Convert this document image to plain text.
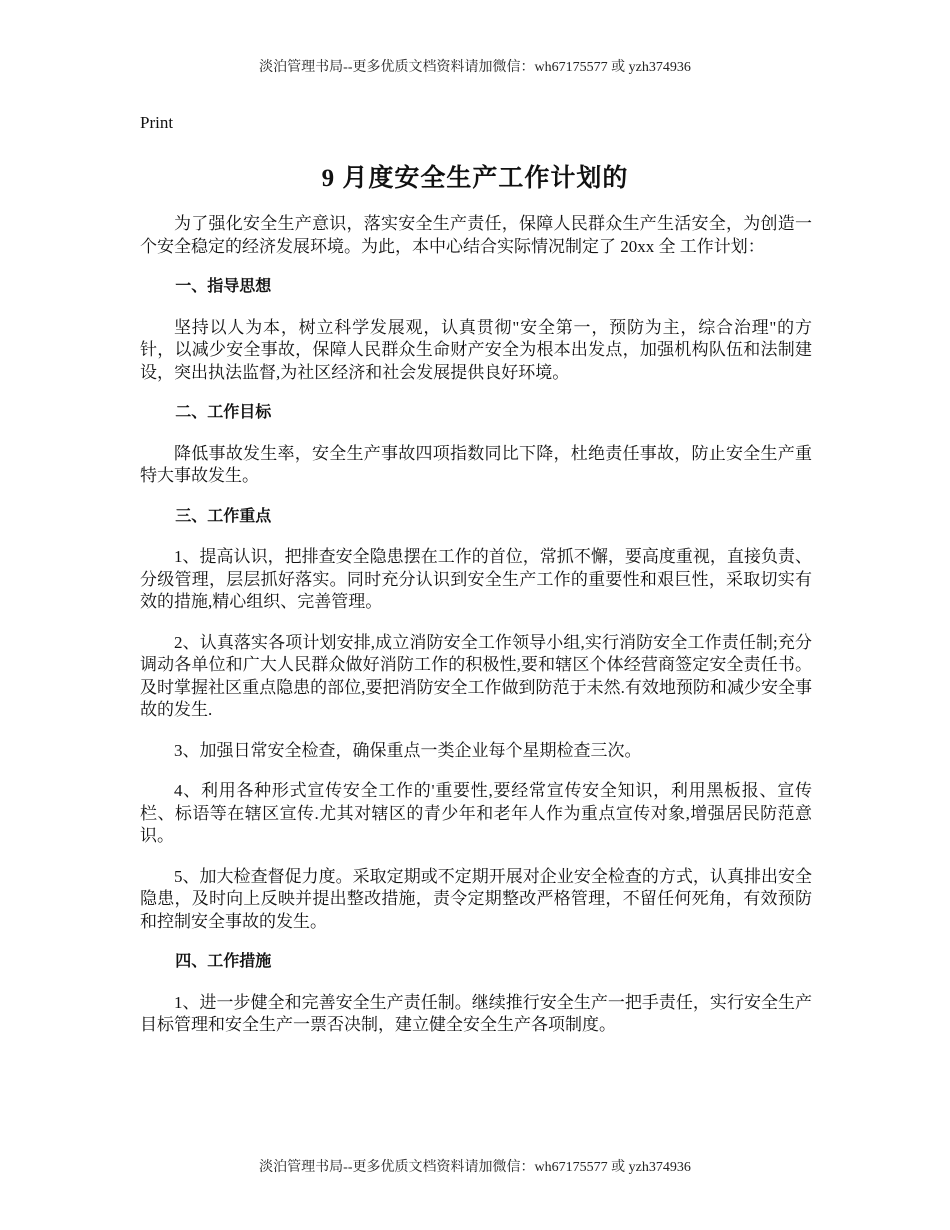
淡泊管理书局--更多优质文档资料请加微信：wh67175577 或 yzh374936
Print
9 月度安全生产工作计划的

为了强化安全生产意识，落实安全生产责任，保障人民群众生产生活安全，为创造一个安全稳定的经济发展环境。为此，本中心结合实际情况制定了 20xx 全 工作计划：

一、指导思想

坚持以人为本，树立科学发展观，认真贯彻"安全第一，预防为主，综合治理"的方针，以减少安全事故，保障人民群众生命财产安全为根本出发点，加强机构队伍和法制建设，突出执法监督,为社区经济和社会发展提供良好环境。

二、工作目标

降低事故发生率，安全生产事故四项指数同比下降，杜绝责任事故，防止安全生产重特大事故发生。

三、工作重点

1、提高认识，把排查安全隐患摆在工作的首位，常抓不懈，要高度重视，直接负责、分级管理，层层抓好落实。同时充分认识到安全生产工作的重要性和艰巨性，采取切实有效的措施,精心组织、完善管理。

2、认真落实各项计划安排,成立消防安全工作领导小组,实行消防安全工作责任制;充分调动各单位和广大人民群众做好消防工作的积极性,要和辖区个体经营商签定安全责任书。及时掌握社区重点隐患的部位,要把消防安全工作做到防范于未然.有效地预防和减少安全事故的发生.

3、加强日常安全检查，确保重点一类企业每个星期检查三次。

4、利用各种形式宣传安全工作的'重要性,要经常宣传安全知识，利用黑板报、宣传栏、标语等在辖区宣传.尤其对辖区的青少年和老年人作为重点宣传对象,增强居民防范意识。

5、加大检查督促力度。采取定期或不定期开展对企业安全检查的方式，认真排出安全隐患，及时向上反映并提出整改措施，责令定期整改严格管理，不留任何死角，有效预防和控制安全事故的发生。

四、工作措施

1、进一步健全和完善安全生产责任制。继续推行安全生产一把手责任，实行安全生产目标管理和安全生产一票否决制，建立健全安全生产各项制度。

淡泊管理书局--更多优质文档资料请加微信：wh67175577 或 yzh374936
